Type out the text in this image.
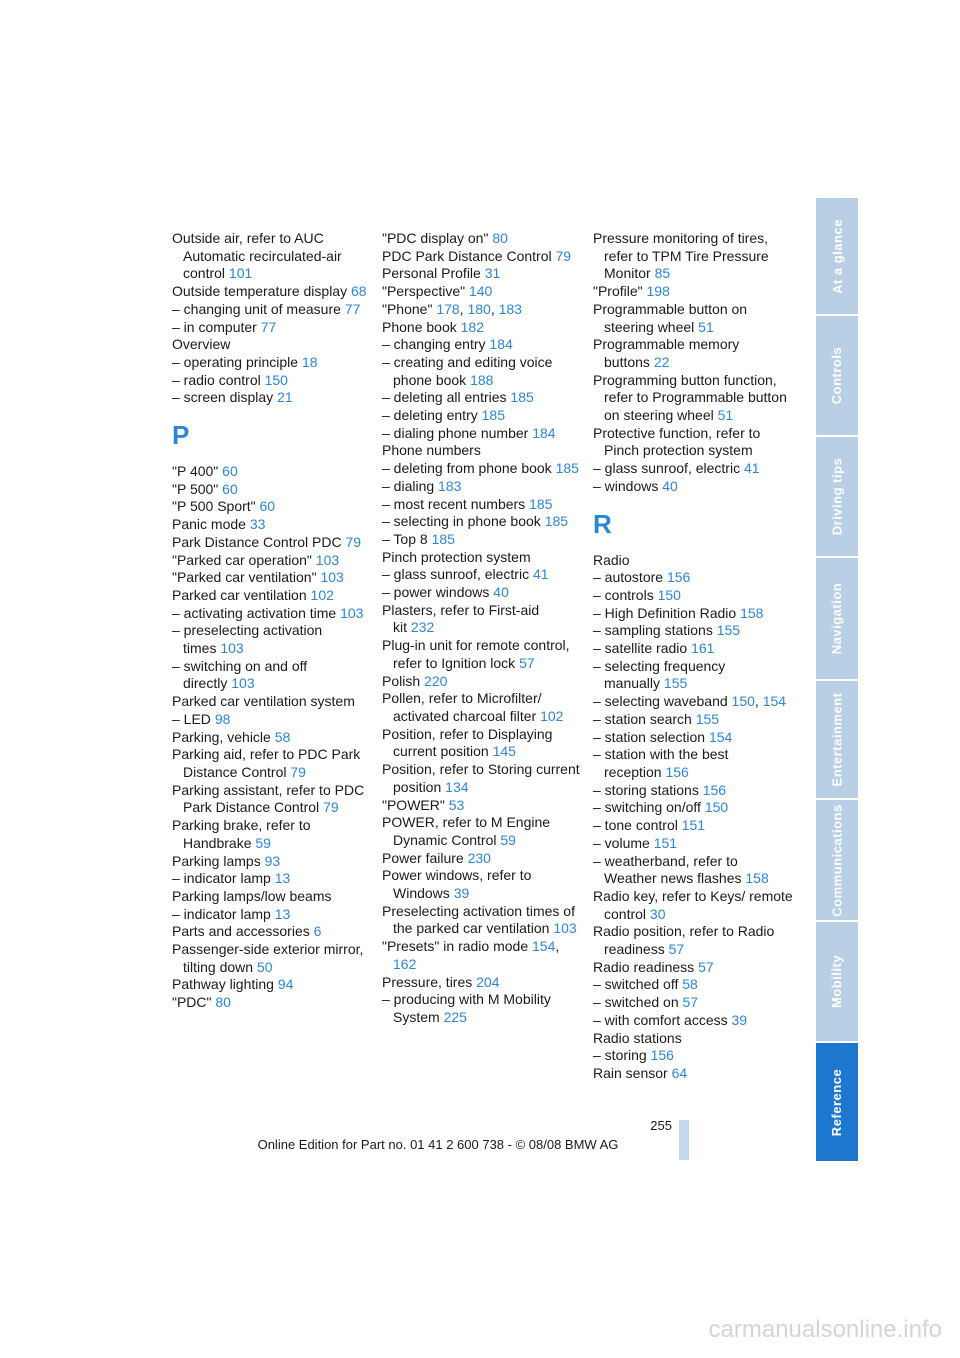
Outside air, refer to AUC Automatic recirculated-air control 101
Outside temperature display 68
– changing unit of measure 77
– in computer 77
Overview
– operating principle 18
– radio control 150
– screen display 21
P
"P 400" 60
"P 500" 60
"P 500 Sport" 60
Panic mode 33
Park Distance Control PDC 79
"Parked car operation" 103
"Parked car ventilation" 103
Parked car ventilation 102
– activating activation time 103
– preselecting activation times 103
– switching on and off directly 103
Parked car ventilation system
– LED 98
Parking, vehicle 58
Parking aid, refer to PDC Park Distance Control 79
Parking assistant, refer to PDC Park Distance Control 79
Parking brake, refer to Handbrake 59
Parking lamps 93
– indicator lamp 13
Parking lamps/low beams
– indicator lamp 13
Parts and accessories 6
Passenger-side exterior mirror, tilting down 50
Pathway lighting 94
"PDC" 80
"PDC display on" 80
PDC Park Distance Control 79
Personal Profile 31
"Perspective" 140
"Phone" 178, 180, 183
Phone book 182
– changing entry 184
– creating and editing voice phone book 188
– deleting all entries 185
– deleting entry 185
– dialing phone number 184
Phone numbers
– deleting from phone book 185
– dialing 183
– most recent numbers 185
– selecting in phone book 185
– Top 8 185
Pinch protection system
– glass sunroof, electric 41
– power windows 40
Plasters, refer to First-aid kit 232
Plug-in unit for remote control, refer to Ignition lock 57
Polish 220
Pollen, refer to Microfilter/ activated charcoal filter 102
Position, refer to Displaying current position 145
Position, refer to Storing current position 134
"POWER" 53
POWER, refer to M Engine Dynamic Control 59
Power failure 230
Power windows, refer to Windows 39
Preselecting activation times of the parked car ventilation 103
"Presets" in radio mode 154, 162
Pressure, tires 204
– producing with M Mobility System 225
Pressure monitoring of tires, refer to TPM Tire Pressure Monitor 85
"Profile" 198
Programmable button on steering wheel 51
Programmable memory buttons 22
Programming button function, refer to Programmable button on steering wheel 51
Protective function, refer to Pinch protection system
– glass sunroof, electric 41
– windows 40
R
Radio
– autostore 156
– controls 150
– High Definition Radio 158
– sampling stations 155
– satellite radio 161
– selecting frequency manually 155
– selecting waveband 150, 154
– station search 155
– station selection 154
– station with the best reception 156
– storing stations 156
– switching on/off 150
– tone control 151
– volume 151
– weatherband, refer to Weather news flashes 158
Radio key, refer to Keys/ remote control 30
Radio position, refer to Radio readiness 57
Radio readiness 57
– switched off 58
– switched on 57
– with comfort access 39
Radio stations
– storing 156
Rain sensor 64
At a glance
Controls
Driving tips
Navigation
Entertainment
Communications
Mobility
Reference
255
Online Edition for Part no. 01 41 2 600 738 - © 08/08 BMW AG
carmanualsonline.info
